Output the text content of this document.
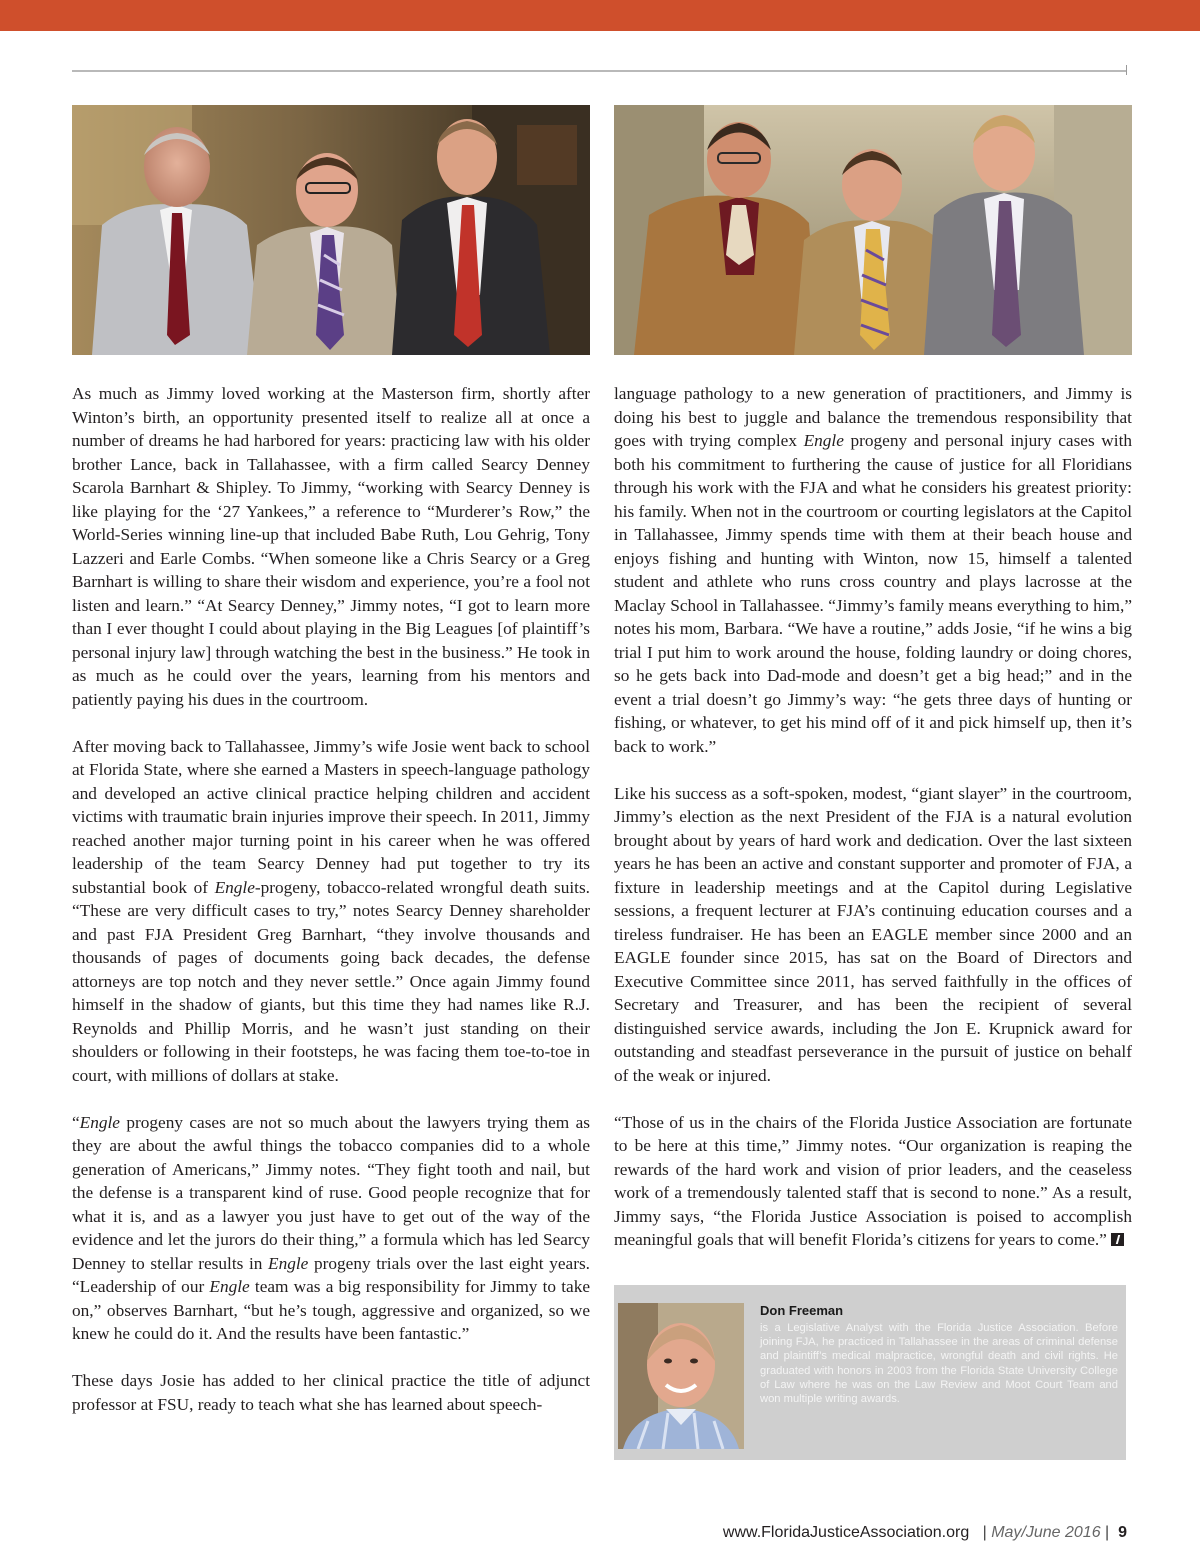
As much as Jimmy loved working at the Masterson firm, shortly after Winton’s birth, an opportunity presented itself to realize all at once a number of dreams he had harbored for years: practicing law with his older brother Lance, back in Tallahassee, with a firm called Searcy Denney Scarola Barnhart & Shipley. To Jimmy, “working with Searcy Denney is like playing for the ‘27 Yankees,” a reference to “Murderer’s Row,” the World-Series winning line-up that included Babe Ruth, Lou Gehrig, Tony Lazzeri and Earle Combs. “When someone like a Chris Searcy or a Greg Barnhart is willing to share their wisdom and experience, you’re a fool not listen and learn.” “At Searcy Denney,” Jimmy notes, “I got to learn more than I ever thought I could about playing in the Big Leagues [of plaintiff’s personal injury law] through watching the best in the business.” He took in as much as he could over the years, learning from his mentors and patiently paying his dues in the courtroom.

After moving back to Tallahassee, Jimmy’s wife Josie went back to school at Florida State, where she earned a Masters in speech-language pathology and developed an active clinical practice helping children and accident victims with traumatic brain injuries improve their speech. In 2011, Jimmy reached another major turning point in his career when he was offered leadership of the team Searcy Denney had put together to try its substantial book of Engle-progeny, tobacco-related wrongful death suits. “These are very difficult cases to try,” notes Searcy Denney shareholder and past FJA President Greg Barnhart, “they involve thousands and thousands of pages of documents going back decades, the defense attorneys are top notch and they never settle.” Once again Jimmy found himself in the shadow of giants, but this time they had names like R.J. Reynolds and Phillip Morris, and he wasn’t just standing on their shoulders or following in their footsteps, he was facing them toe-to-toe in court, with millions of dollars at stake.

“Engle progeny cases are not so much about the lawyers trying them as they are about the awful things the tobacco companies did to a whole generation of Americans,” Jimmy notes. “They fight tooth and nail, but the defense is a transparent kind of ruse. Good people recognize that for what it is, and as a lawyer you just have to get out of the way of the evidence and let the jurors do their thing,” a formula which has led Searcy Denney to stellar results in Engle progeny trials over the last eight years. “Leadership of our Engle team was a big responsibility for Jimmy to take on,” observes Barnhart, “but he’s tough, aggressive and organized, so we knew he could do it. And the results have been fantastic.”

These days Josie has added to her clinical practice the title of adjunct professor at FSU, ready to teach what she has learned about speech-

language pathology to a new generation of practitioners, and Jimmy is doing his best to juggle and balance the tremendous responsibility that goes with trying complex Engle progeny and personal injury cases with both his commitment to furthering the cause of justice for all Floridians through his work with the FJA and what he considers his greatest priority: his family. When not in the courtroom or courting legislators at the Capitol in Tallahassee, Jimmy spends time with them at their beach house and enjoys fishing and hunting with Winton, now 15, himself a talented student and athlete who runs cross country and plays lacrosse at the Maclay School in Tallahassee. “Jimmy’s family means everything to him,” notes his mom, Barbara. “We have a routine,” adds Josie, “if he wins a big trial I put him to work around the house, folding laundry or doing chores, so he gets back into Dad-mode and doesn’t get a big head;” and in the event a trial doesn’t go Jimmy’s way: “he gets three days of hunting or fishing, or whatever, to get his mind off of it and pick himself up, then it’s back to work.”

Like his success as a soft-spoken, modest, “giant slayer” in the courtroom, Jimmy’s election as the next President of the FJA is a natural evolution brought about by years of hard work and dedication. Over the last sixteen years he has been an active and constant supporter and promoter of FJA, a fixture in leadership meetings and at the Capitol during Legislative sessions, a frequent lecturer at FJA’s continuing education courses and a tireless fundraiser. He has been an EAGLE member since 2000 and an EAGLE founder since 2015, has sat on the Board of Directors and Executive Committee since 2011, has served faithfully in the offices of Secretary and Treasurer, and has been the recipient of several distinguished service awards, including the Jon E. Krupnick award for outstanding and steadfast perseverance in the pursuit of justice on behalf of the weak or injured.

“Those of us in the chairs of the Florida Justice Association are fortunate to be here at this time,” Jimmy notes. “Our organization is reaping the rewards of the hard work and vision of prior leaders, and the ceaseless work of a tremendously talented staff that is second to none.” As a result, Jimmy says, “the Florida Justice Association is poised to accomplish meaningful goals that will benefit Florida’s citizens for years to come.”

Don Freeman
is a Legislative Analyst with the Florida Justice Association. Before joining FJA, he practiced in Tallahassee in the areas of criminal defense and plaintiff’s medical malpractice, wrongful death and civil rights. He graduated with honors in 2003 from the Florida State University College of Law where he was on the Law Review and Moot Court Team and won multiple writing awards.
www.FloridaJusticeAssociation.org | May/June 2016 | 9
